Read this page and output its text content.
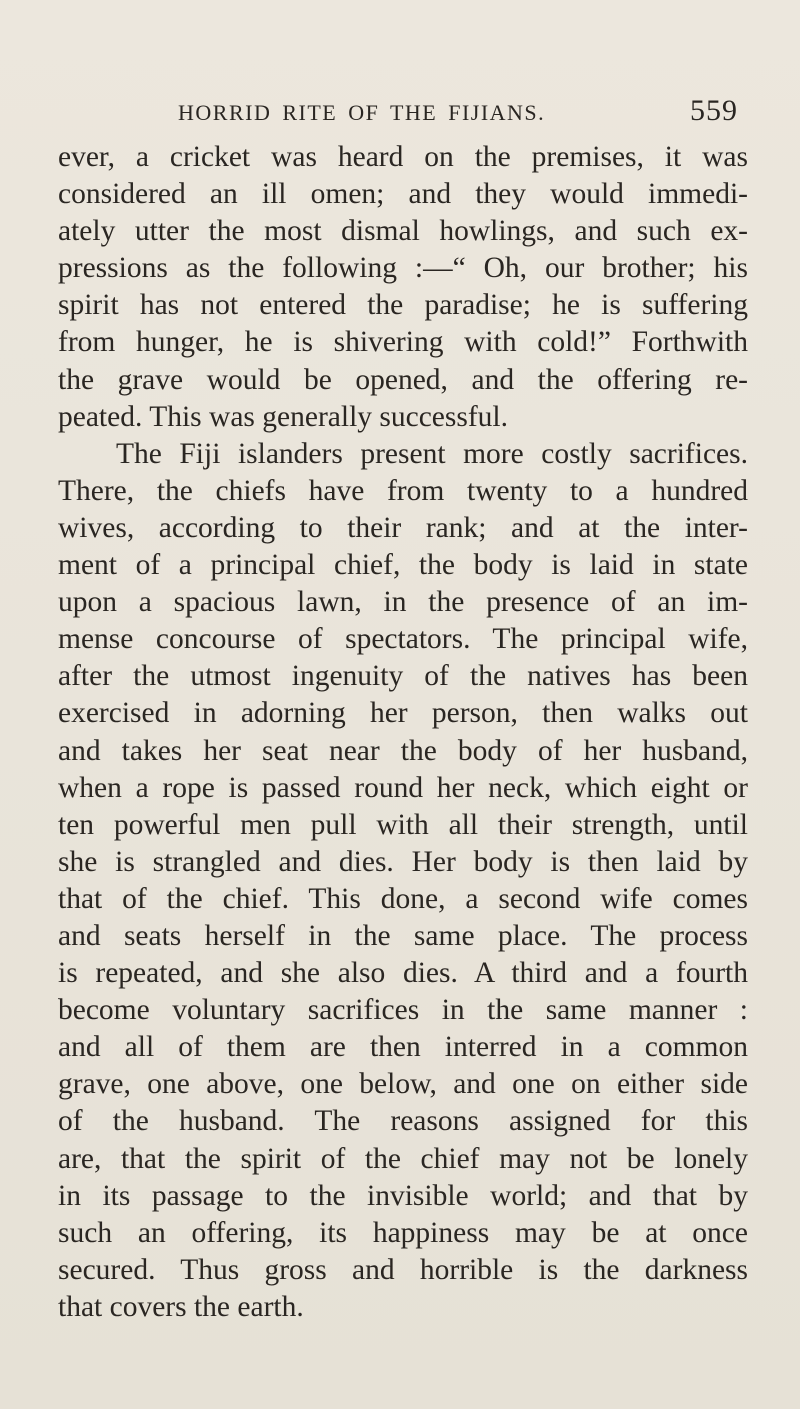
HORRID RITE OF THE FIJIANS.	559
ever, a cricket was heard on the premises, it was
considered an ill omen; and they would immedi-
ately utter the most dismal howlings, and such ex-
pressions as the following :—“ Oh, our brother; his
spirit has not entered the paradise; he is suffering
from hunger, he is shivering with cold!” Forthwith
the grave would be opened, and the offering re-
peated. This was generally successful.
The Fiji islanders present more costly sacrifices.
There, the chiefs have from twenty to a hundred
wives, according to their rank; and at the inter-
ment of a principal chief, the body is laid in state
upon a spacious lawn, in the presence of an im-
mense concourse of spectators. The principal wife,
after the utmost ingenuity of the natives has been
exercised in adorning her person, then walks out
and takes her seat near the body of her husband,
when a rope is passed round her neck, which eight or
ten powerful men pull with all their strength, until
she is strangled and dies. Her body is then laid by
that of the chief. This done, a second wife comes
and seats herself in the same place. The process
is repeated, and she also dies. A third and a fourth
become voluntary sacrifices in the same manner :
and all of them are then interred in a common
grave, one above, one below, and one on either side
of the husband. The reasons assigned for this
are, that the spirit of the chief may not be lonely
in its passage to the invisible world; and that by
such an offering, its happiness may be at once
secured. Thus gross and horrible is the darkness
that covers the earth.
